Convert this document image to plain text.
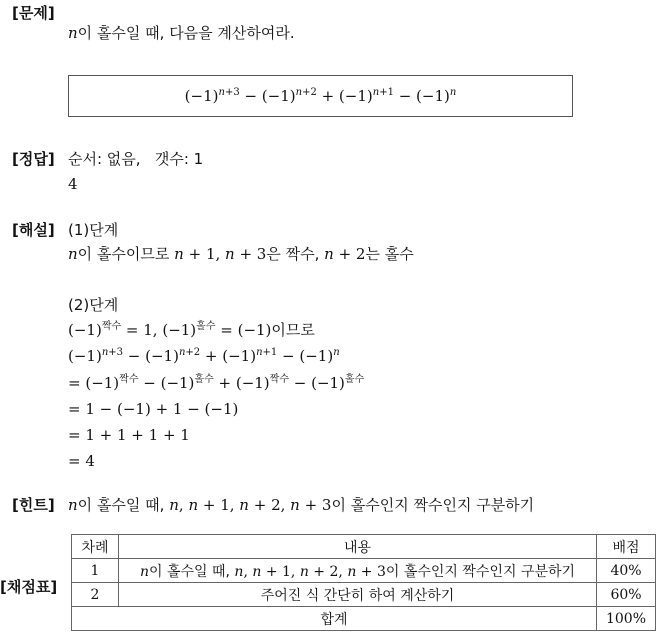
[문제]
n이 홀수일 때, 다음을 계산하여라.
$(-1)^{n+3} - (-1)^{n+2} + (-1)^{n+1} - (-1)^n$
[정답] 순서: 없음, 갯수: 1
4
[해설] (1)단계
n이 홀수이므로 n + 1, n + 3은 짝수, n + 2는 홀수
(2)단계
$(-1)^{짝수} = 1$, $(-1)^{홀수} = (-1)$이므로
$(-1)^{n+3} - (-1)^{n+2} + (-1)^{n+1} - (-1)^n$
= $(-1)^{짝수} - (-1)^{홀수} + (-1)^{짝수} - (-1)^{홀수}$
= 1 − (−1) + 1 − (−1)
= 1 + 1 + 1 + 1
= 4
[힌트] n이 홀수일 때, n, n + 1, n + 2, n + 3이 홀수인지 짝수인지 구분하기
[채점표]
차례	내용	배점
1	n이 홀수일 때, n, n + 1, n + 2, n + 3이 홀수인지 짝수인지 구분하기	40%
2	주어진 식 간단히 하여 계산하기	60%
합계		100%
